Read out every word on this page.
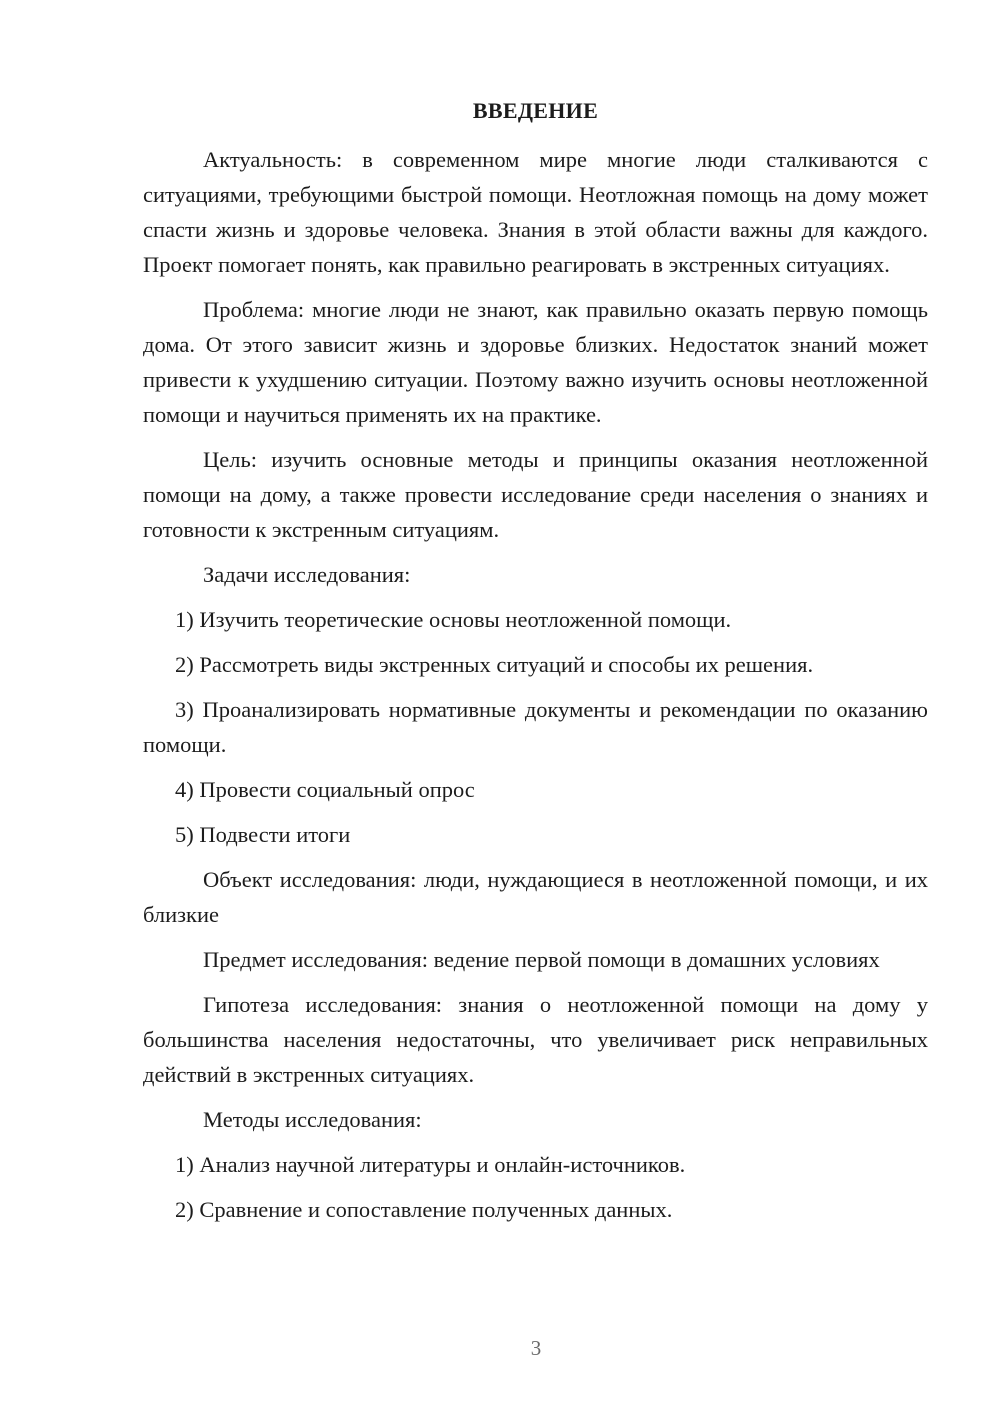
ВВЕДЕНИЕ

Актуальность: в современном мире многие люди сталкиваются с ситуациями, требующими быстрой помощи. Неотложная помощь на дому может спасти жизнь и здоровье человека. Знания в этой области важны для каждого. Проект помогает понять, как правильно реагировать в экстренных ситуациях.

Проблема: многие люди не знают, как правильно оказать первую помощь дома. От этого зависит жизнь и здоровье близких. Недостаток знаний может привести к ухудшению ситуации. Поэтому важно изучить основы неотложенной помощи и научиться применять их на практике.

Цель: изучить основные методы и принципы оказания неотложенной помощи на дому, а также провести исследование среди населения о знаниях и готовности к экстренным ситуациям.

Задачи исследования:

1) Изучить теоретические основы неотложенной помощи.

2) Рассмотреть виды экстренных ситуаций и способы их решения.

3) Проанализировать нормативные документы и рекомендации по оказанию помощи.

4) Провести социальный опрос

5) Подвести итоги

Объект исследования: люди, нуждающиеся в неотложенной помощи, и их близкие

Предмет исследования: ведение первой помощи в домашних условиях

Гипотеза исследования: знания о неотложенной помощи на дому у большинства населения недостаточны, что увеличивает риск неправильных действий в экстренных ситуациях.

Методы исследования:

1) Анализ научной литературы и онлайн-источников.

2) Сравнение и сопоставление полученных данных.

3
